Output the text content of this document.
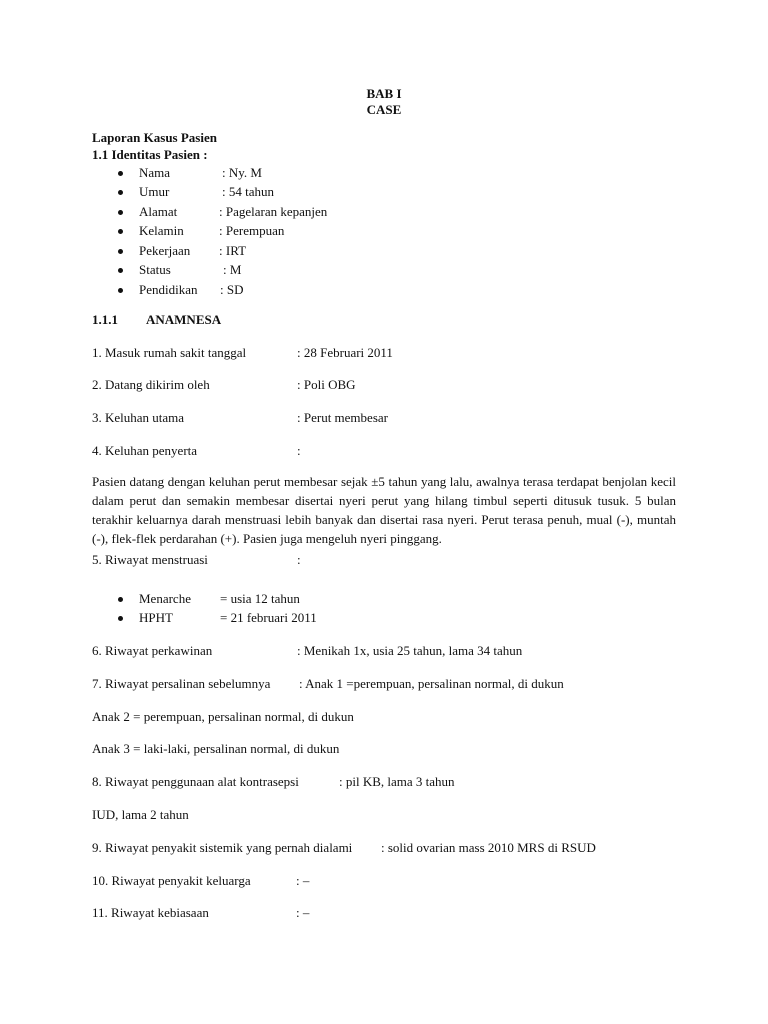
BAB I
CASE
Laporan Kasus Pasien
1.1 Identitas Pasien :
Nama	: Ny. M
Umur	: 54 tahun
Alamat	: Pagelaran kepanjen
Kelamin	: Perempuan
Pekerjaan : IRT
Status	: M
Pendidikan : SD
1.1.1 ANAMNESA
1. Masuk rumah sakit tanggal	: 28 Februari 2011
2. Datang dikirim oleh	: Poli OBG
3. Keluhan utama	: Perut membesar
4. Keluhan penyerta	:
Pasien datang dengan keluhan perut membesar sejak ±5 tahun yang lalu, awalnya terasa terdapat benjolan kecil dalam perut dan semakin membesar disertai nyeri perut yang hilang timbul seperti ditusuk tusuk. 5 bulan terakhir keluarnya darah menstruasi lebih banyak dan disertai rasa nyeri. Perut terasa penuh, mual (-), muntah (-), flek-flek perdarahan (+). Pasien juga mengeluh nyeri pinggang.
5. Riwayat menstruasi	:
Menarche = usia 12 tahun
HPHT	= 21 februari 2011
6. Riwayat perkawinan	: Menikah 1x, usia 25 tahun, lama 34 tahun
7. Riwayat persalinan sebelumnya : Anak 1 =perempuan, persalinan normal, di dukun
Anak 2 = perempuan, persalinan normal, di dukun
Anak 3 = laki-laki, persalinan normal, di dukun
8. Riwayat penggunaan alat kontrasepsi	: pil KB, lama 3 tahun
IUD, lama 2 tahun
9. Riwayat penyakit sistemik yang pernah dialami : solid ovarian mass 2010 MRS di RSUD
10. Riwayat penyakit keluarga	: –
11. Riwayat kebiasaan	: –
